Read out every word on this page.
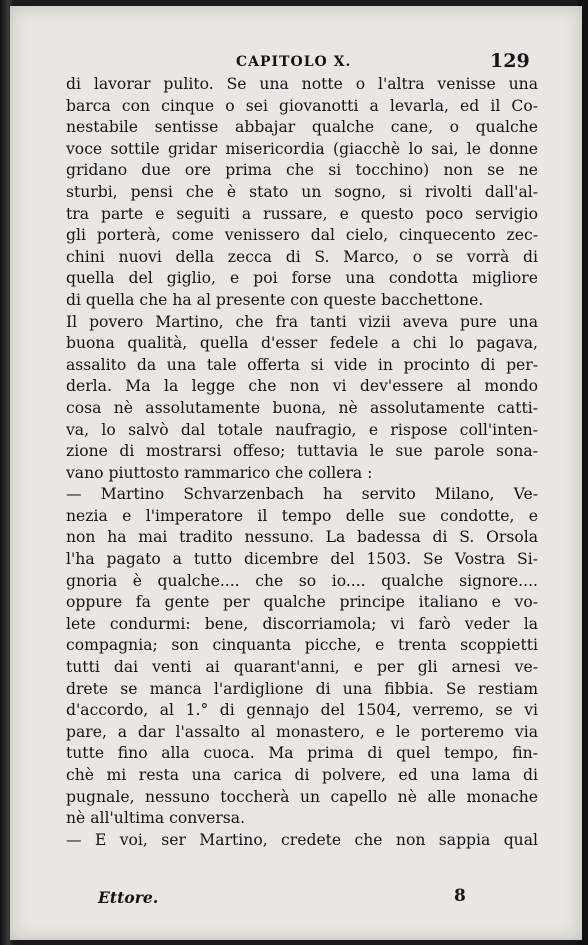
CAPITOLO X.	129
di lavorar pulito. Se una notte o l'altra venisse una
barca con cinque o sei giovanotti a levarla, ed il Co-
nestabile sentisse abbajar qualche cane, o qualche
voce sottile gridar misericordia (giacchè lo sai, le donne
gridano due ore prima che si tocchino) non se ne
sturbi, pensi che è stato un sogno, si rivolti dall'al-
tra parte e seguiti a russare, e questo poco servigio
gli porterà, come venissero dal cielo, cinquecento zec-
chini nuovi della zecca di S. Marco, o se vorrà di
quella del giglio, e poi forse una condotta migliore
di quella che ha al presente con queste bacchettone.
Il povero Martino, che fra tanti vizii aveva pure una
buona qualità, quella d'esser fedele a chi lo pagava,
assalito da una tale offerta si vide in procinto di per-
derla. Ma la legge che non vi dev'essere al mondo
cosa nè assolutamente buona, nè assolutamente catti-
va, lo salvò dal totale naufragio, e rispose coll'inten-
zione di mostrarsi offeso; tuttavia le sue parole sona-
vano piuttosto rammarico che collera :
— Martino Schvarzenbach ha servito Milano, Ve-
nezia e l'imperatore il tempo delle sue condotte, e
non ha mai tradito nessuno. La badessa di S. Orsola
l'ha pagato a tutto dicembre del 1503. Se Vostra Si-
gnoria è qualche.... che so io.... qualche signore....
oppure fa gente per qualche principe italiano e vo-
lete condurmi: bene, discorriamola; vi farò veder la
compagnia; son cinquanta picche, e trenta scoppietti
tutti dai venti ai quarant'anni, e per gli arnesi ve-
drete se manca l'ardiglione di una fibbia. Se restiam
d'accordo, al 1.° di gennajo del 1504, verremo, se vi
pare, a dar l'assalto al monastero, e le porteremo via
tutte fino alla cuoca. Ma prima di quel tempo, fin-
chè mi resta una carica di polvere, ed una lama di
pugnale, nessuno toccherà un capello nè alle monache
nè all'ultima conversa.
— E voi, ser Martino, credete che non sappia qual
Ettore.	8
